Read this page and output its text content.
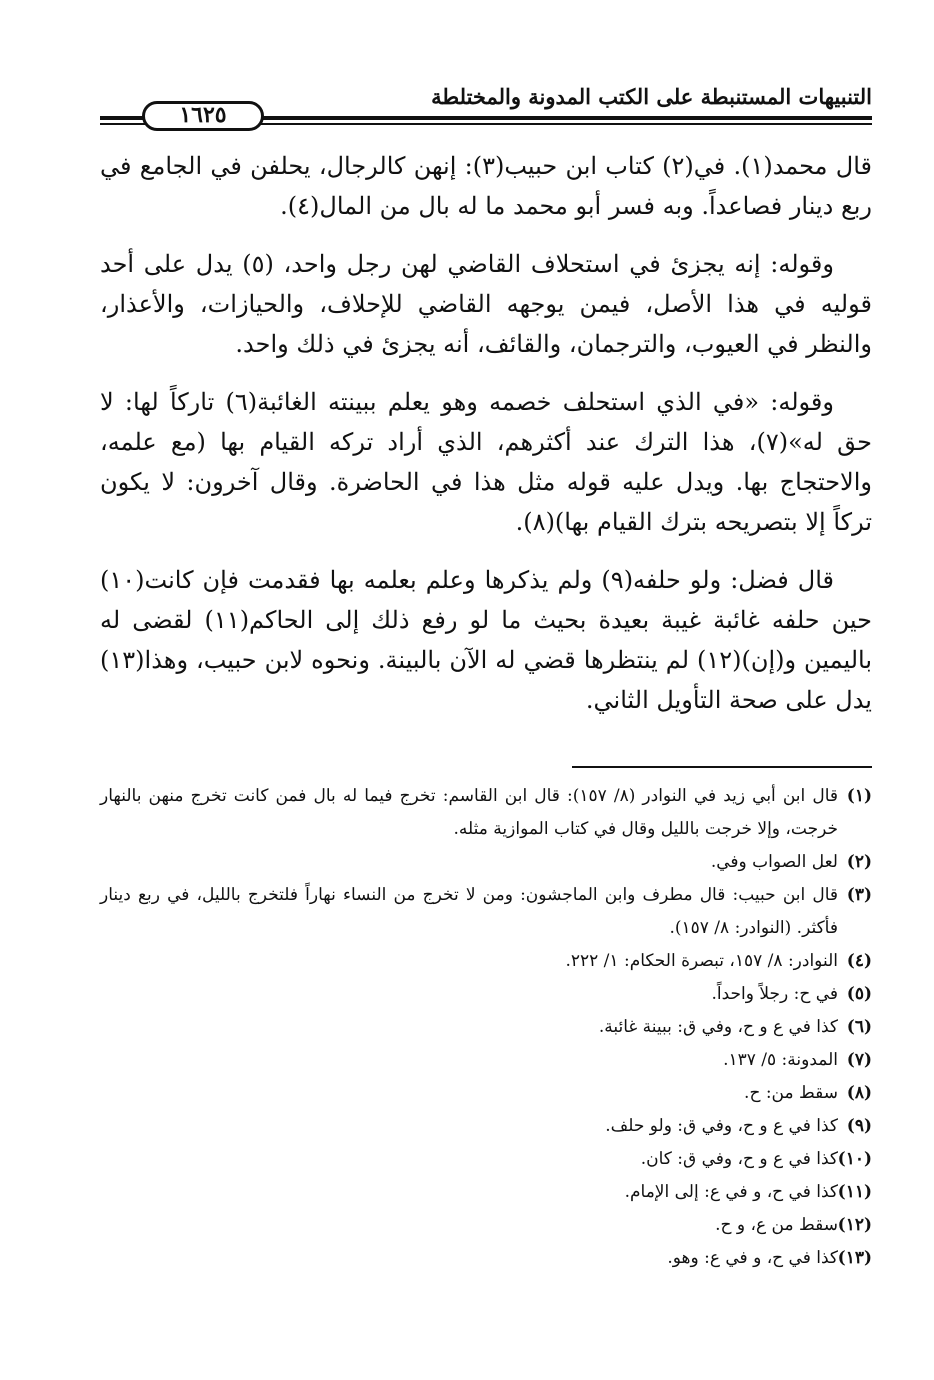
التنبيهات المستنبطة على الكتب المدونة والمختلطة
١٦٢٥

قال محمد(١). في(٢) كتاب ابن حبيب(٣): إنهن كالرجال، يحلفن في الجامع في ربع دينار فصاعداً. وبه فسر أبو محمد ما له بال من المال(٤).

وقوله: إنه يجزئ في استحلاف القاضي لهن رجل واحد، (٥) يدل على أحد قوليه في هذا الأصل، فيمن يوجهه القاضي للإحلاف، والحيازات، والأعذار، والنظر في العيوب، والترجمان، والقائف، أنه يجزئ في ذلك واحد.

وقوله: «في الذي استحلف خصمه وهو يعلم ببينته الغائبة(٦) تاركاً لها: لا حق له»(٧)، هذا الترك عند أكثرهم، الذي أراد تركه القيام بها (مع علمه، والاحتجاج بها. ويدل عليه قوله مثل هذا في الحاضرة. وقال آخرون: لا يكون تركاً إلا بتصريحه بترك القيام بها)(٨).

قال فضل: ولو حلفه(٩) ولم يذكرها وعلم بعلمه بها فقدمت فإن كانت(١٠) حين حلفه غائبة غيبة بعيدة بحيث ما لو رفع ذلك إلى الحاكم(١١) لقضى له باليمين و(إن)(١٢) لم ينتظرها قضي له الآن بالبينة. ونحوه لابن حبيب، وهذا(١٣) يدل على صحة التأويل الثاني.

(١)
قال ابن أبي زيد في النوادر (٨/ ١٥٧): قال ابن القاسم: تخرج فيما له بال فمن كانت تخرج منهن بالنهار خرجت، وإلا خرجت بالليل وقال في كتاب الموازية مثله.
(٢)
لعل الصواب وفي.
(٣)
قال ابن حبيب: قال مطرف وابن الماجشون: ومن لا تخرج من النساء نهاراً فلتخرج بالليل، في ربع دينار فأكثر. (النوادر: ٨/ ١٥٧).
(٤)
النوادر: ٨/ ١٥٧، تبصرة الحكام: ١/ ٢٢٢.
(٥)
في ح: رجلاً واحداً.
(٦)
كذا في ع و ح، وفي ق: ببينة غائبة.
(٧)
المدونة: ٥/ ١٣٧.
(٨)
سقط من: ح.
(٩)
كذا في ع و ح، وفي ق: ولو حلف.
(١٠)
كذا في ع و ح، وفي ق: كان.
(١١)
كذا في ح، و في ع: إلى الإمام.
(١٢)
سقط من ع، و ح.
(١٣)
كذا في ح، و في ع: وهو.
